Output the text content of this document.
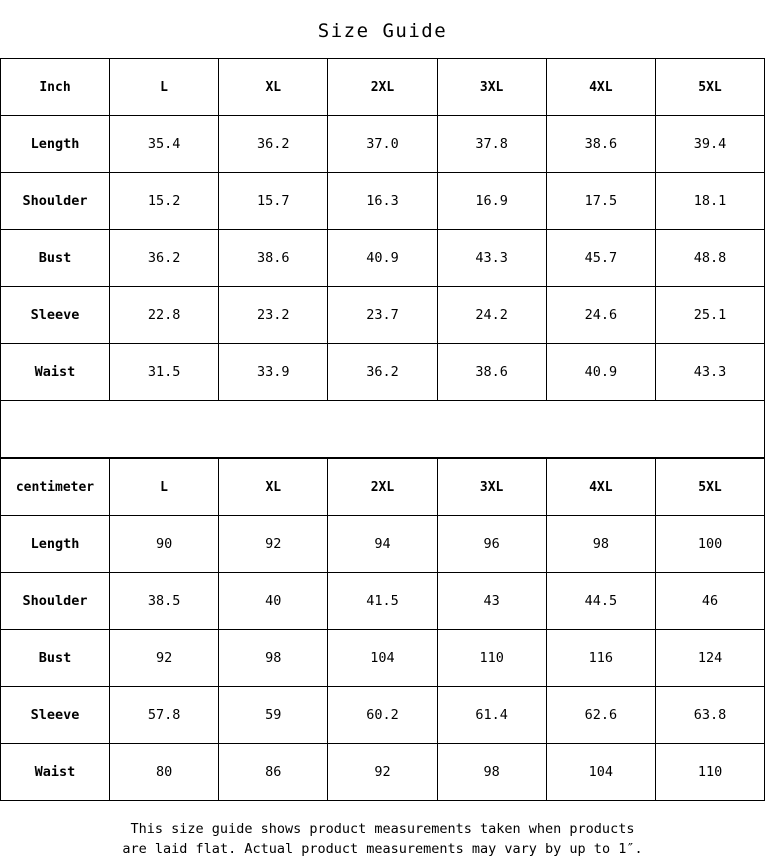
Size Guide
Inch	L	XL	2XL	3XL	4XL	5XL
Length	35.4	36.2	37.0	37.8	38.6	39.4
Shoulder	15.2	15.7	16.3	16.9	17.5	18.1
Bust	36.2	38.6	40.9	43.3	45.7	48.8
Sleeve	22.8	23.2	23.7	24.2	24.6	25.1
Waist	31.5	33.9	36.2	38.6	40.9	43.3

centimeter	L	XL	2XL	3XL	4XL	5XL
Length	90	92	94	96	98	100
Shoulder	38.5	40	41.5	43	44.5	46
Bust	92	98	104	110	116	124
Sleeve	57.8	59	60.2	61.4	62.6	63.8
Waist	80	86	92	98	104	110
This size guide shows product measurements taken when products
are laid flat. Actual product measurements may vary by up to 1″.
